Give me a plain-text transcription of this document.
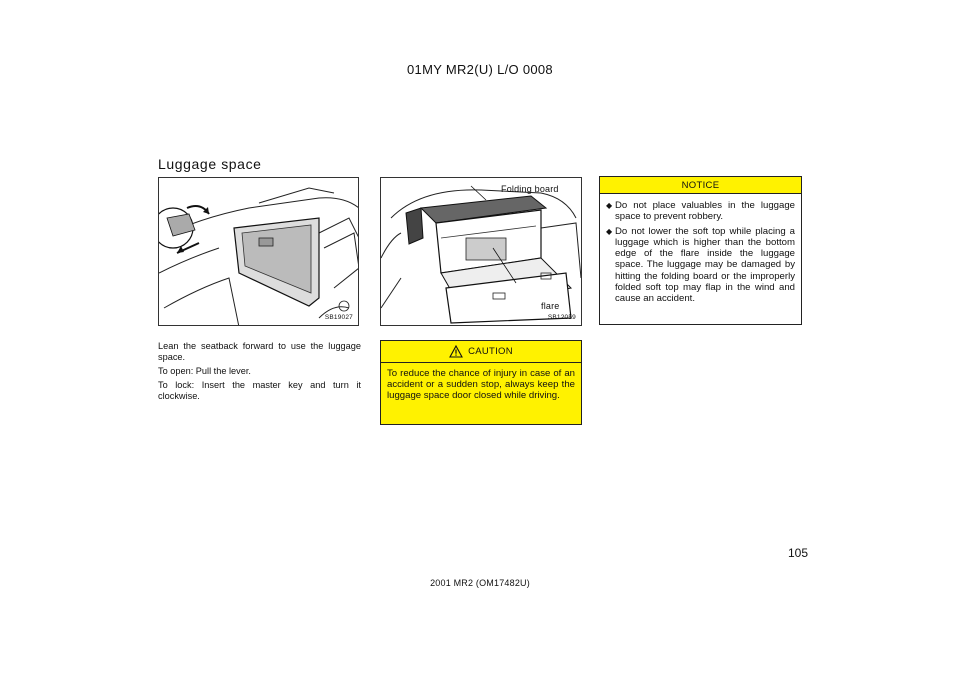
01MY MR2(U) L/O 0008
Luggage space
SB19027
Folding board
flare
SB12059

Lean the seatback forward to use the luggage space.

To open: Pull the lever.

To lock: Insert the master key and turn it clockwise.

CAUTION
To reduce the chance of injury in case of an accident or a sudden stop, always keep the luggage space door closed while driving.
NOTICE
◆ Do not place valuables in the luggage space to prevent robbery.
◆ Do not lower the soft top while placing a luggage which is higher than the bottom edge of the flare inside the luggage space. The luggage may be damaged by hitting the folding board or the improperly folded soft top may flap in the wind and cause an accident.
105
2001 MR2 (OM17482U)
